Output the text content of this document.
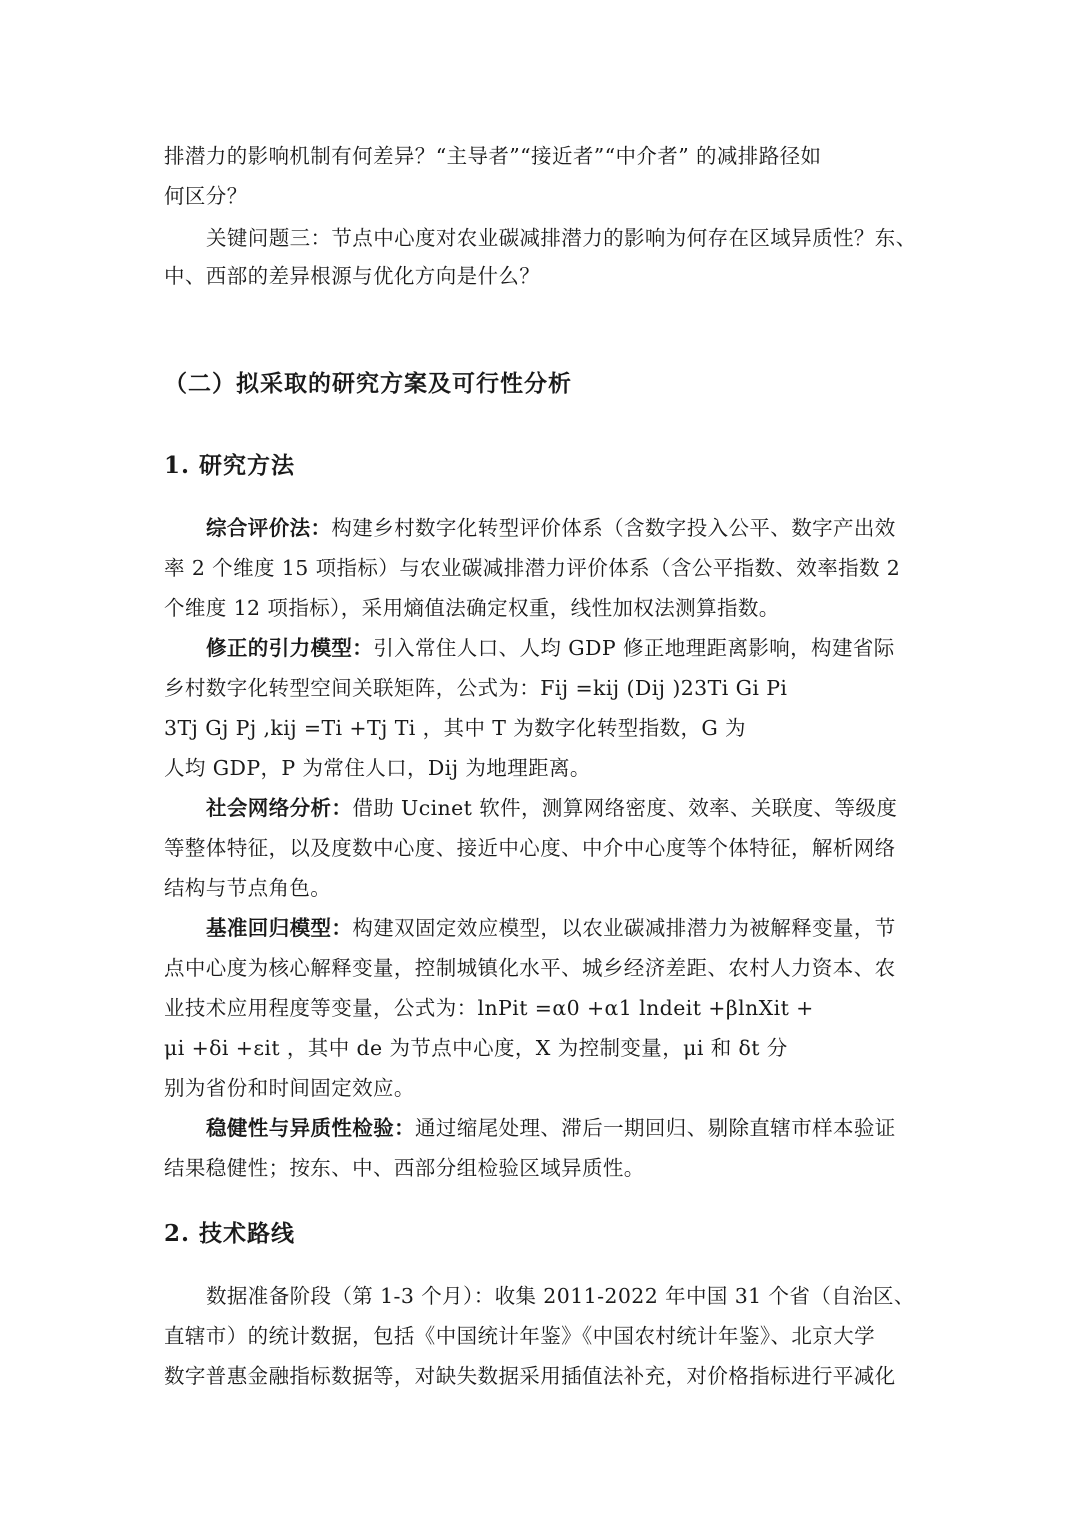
排潜力的影响机制有何差异？“主导者”“接近者”“中介者” 的减排路径如
何区分？
关键问题三：节点中心度对农业碳减排潜力的影响为何存在区域异质性？东、
中、西部的差异根源与优化方向是什么？
（二）拟采取的研究方案及可行性分析
1. 研究方法
综合评价法：构建乡村数字化转型评价体系（含数字投入公平、数字产出效
率 2 个维度 15 项指标）与农业碳减排潜力评价体系（含公平指数、效率指数 2
个维度 12 项指标），采用熵值法确定权重，线性加权法测算指数。
修正的引力模型：引入常住人口、人均 GDP 修正地理距离影响，构建省际
乡村数字化转型空间关联矩阵，公式为：Fij =kij (Dij )23Ti Gi Pi
3Tj Gj Pj ,kij =Ti +Tj Ti ，其中 T 为数字化转型指数，G 为
人均 GDP，P 为常住人口，Dij 为地理距离。
社会网络分析：借助 Ucinet 软件，测算网络密度、效率、关联度、等级度
等整体特征，以及度数中心度、接近中心度、中介中心度等个体特征，解析网络
结构与节点角色。
基准回归模型：构建双固定效应模型，以农业碳减排潜力为被解释变量，节
点中心度为核心解释变量，控制城镇化水平、城乡经济差距、农村人力资本、农
业技术应用程度等变量，公式为：lnPit =α0 +α1 lndeit +βlnXit +
μi +δi +εit ，其中 de 为节点中心度，X 为控制变量，μi 和 δt 分
别为省份和时间固定效应。
稳健性与异质性检验：通过缩尾处理、滞后一期回归、剔除直辖市样本验证
结果稳健性；按东、中、西部分组检验区域异质性。
2. 技术路线
数据准备阶段（第 1-3 个月）：收集 2011-2022 年中国 31 个省（自治区、
直辖市）的统计数据，包括《中国统计年鉴》《中国农村统计年鉴》、北京大学
数字普惠金融指标数据等，对缺失数据采用插值法补充，对价格指标进行平减化
